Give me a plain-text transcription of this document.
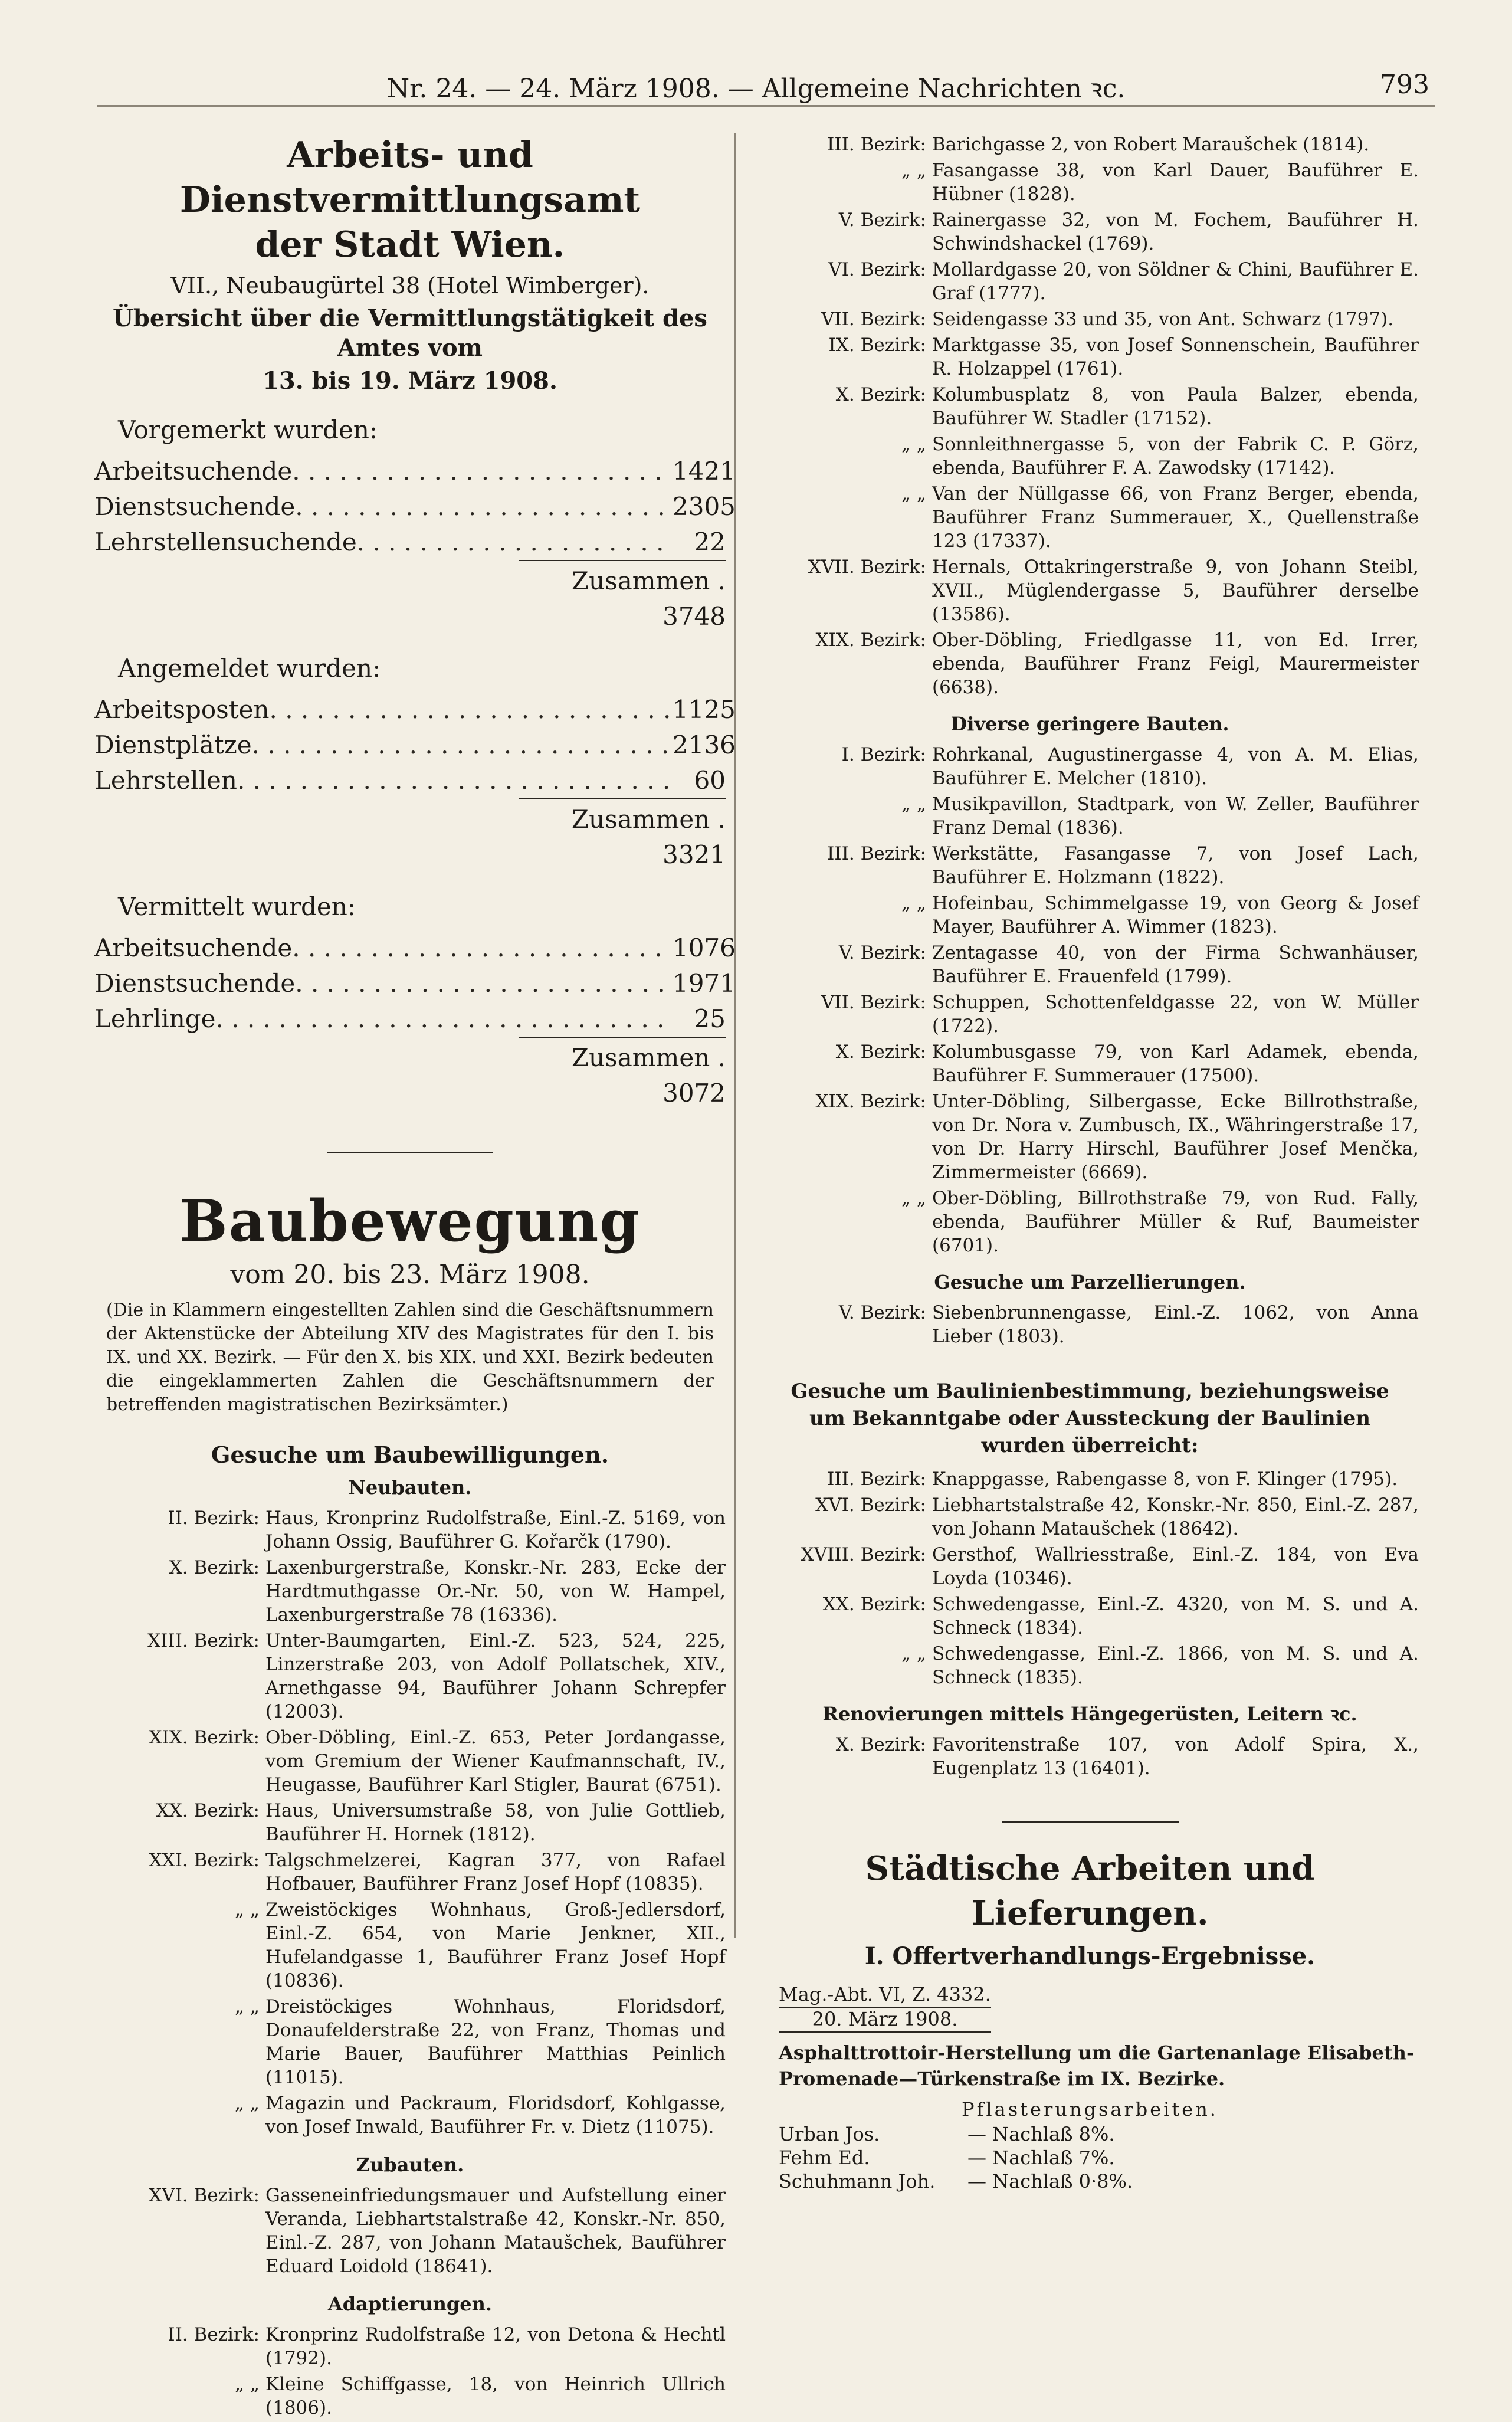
Nr. 24. — 24. März 1908. — Allgemeine Nachrichten ꝛc.	793
Arbeits- und Dienstvermittlungsamt
der Stadt Wien.
VII., Neubaugürtel 38 (Hotel Wimberger).
Übersicht über die Vermittlungstätigkeit des Amtes vom
13. bis 19. März 1908.
Vorgemerkt wurden:
Arbeitsuchende . . .	1421
Dienstsuchende . . .	2305
Lehrstellensuchende . . .	22
Zusammen . 3748
Angemeldet wurden:
Arbeitsposten . . .	1125
Dienstplätze . . .	2136
Lehrstellen . . .	60
Zusammen . 3321
Vermittelt wurden:
Arbeitsuchende . . .	1076
Dienstsuchende . . .	1971
Lehrlinge . . .	25
Zusammen . 3072
Baubewegung
vom 20. bis 23. März 1908.
(Die in Klammern eingestellten Zahlen sind die Geschäftsnummern der Aktenstücke der Abteilung XIV des Magistrates für den I. bis IX. und XX. Bezirk. — Für den X. bis XIX. und XXI. Bezirk bedeuten die eingeklammerten Zahlen die Geschäftsnummern der betreffenden magistratischen Bezirksämter.)
Gesuche um Baubewilligungen.
Neubauten.
II. Bezirk: Haus, Kronprinz Rudolfstraße, Einl.-Z. 5169, von Johann Ossig, Bauführer G. Kořarčk (1790).
X. Bezirk: Laxenburgerstraße, Konskr.-Nr. 283, Ecke der Hardtmuthgasse Or.-Nr. 50, von W. Hampel, Laxenburgerstraße 78 (16336).
XIII. Bezirk: Unter-Baumgarten, Einl.-Z. 523, 524, 225, Linzerstraße 203, von Adolf Pollatschek, XIV., Arnethgasse 94, Bauführer Johann Schrepfer (12003).
XIX. Bezirk: Ober-Döbling, Einl.-Z. 653, Peter Jordangasse, vom Gremium der Wiener Kaufmannschaft, IV., Heugasse, Bauführer Karl Stigler, Baurat (6751).
XX. Bezirk: Haus, Universumstraße 58, von Julie Gottlieb, Bauführer H. Hornek (1812).
XXI. Bezirk: Talgschmelzerei, Kagran 377, von Rafael Hofbauer, Bauführer Franz Josef Hopf (10835).
„ „ Zweistöckiges Wohnhaus, Groß-Jedlersdorf, Einl.-Z. 654, von Marie Jenkner, XII., Hufelandgasse 1, Bauführer Franz Josef Hopf (10836).
„ „ Dreistöckiges Wohnhaus, Floridsdorf, Donaufelderstraße 22, von Franz, Thomas und Marie Bauer, Bauführer Matthias Peinlich (11015).
„ „ Magazin und Packraum, Floridsdorf, Kohlgasse, von Josef Inwald, Bauführer Fr. v. Dietz (11075).
Zubauten.
XVI. Bezirk: Gasseneinfriedungsmauer und Aufstellung einer Veranda, Liebhartstalstraße 42, Konskr.-Nr. 850, Einl.-Z. 287, von Johann Mataušchek, Bauführer Eduard Loidold (18641).
Adaptierungen.
II. Bezirk: Kronprinz Rudolfstraße 12, von Detona & Hechtl (1792).
„ „ Kleine Schiffgasse, 18, von Heinrich Ullrich (1806).
III. Bezirk: Barichgasse 2, von Robert Maraušchek (1814).
„ „ Fasangasse 38, von Karl Dauer, Bauführer E. Hübner (1828).
V. Bezirk: Rainergasse 32, von M. Fochem, Bauführer H. Schwindshackel (1769).
VI. Bezirk: Mollardgasse 20, von Söldner & Chini, Bauführer E. Graf (1777).
VII. Bezirk: Seidengasse 33 und 35, von Ant. Schwarz (1797).
IX. Bezirk: Marktgasse 35, von Josef Sonnenschein, Bauführer R. Holzappel (1761).
X. Bezirk: Kolumbusplatz 8, von Paula Balzer, ebenda, Bauführer W. Stadler (17152).
„ „ Sonnleithnergasse 5, von der Fabrik C. P. Görz, ebenda, Bauführer F. A. Zawodsky (17142).
„ „ Van der Nüllgasse 66, von Franz Berger, ebenda, Bauführer Franz Summerauer, X., Quellenstraße 123 (17337).
XVII. Bezirk: Hernals, Ottakringerstraße 9, von Johann Steibl, XVII., Müglendergasse 5, Bauführer derselbe (13586).
XIX. Bezirk: Ober-Döbling, Friedlgasse 11, von Ed. Irrer, ebenda, Bauführer Franz Feigl, Maurermeister (6638).
Diverse geringere Bauten.
I. Bezirk: Rohrkanal, Augustinergasse 4, von A. M. Elias, Bauführer E. Melcher (1810).
„ „ Musikpavillon, Stadtpark, von W. Zeller, Bauführer Franz Demal (1836).
III. Bezirk: Werkstätte, Fasangasse 7, von Josef Lach, Bauführer E. Holzmann (1822).
„ „ Hofeinbau, Schimmelgasse 19, von Georg & Josef Mayer, Bauführer A. Wimmer (1823).
V. Bezirk: Zentagasse 40, von der Firma Schwanhäuser, Bauführer E. Frauenfeld (1799).
VII. Bezirk: Schuppen, Schottenfeldgasse 22, von W. Müller (1722).
X. Bezirk: Kolumbusgasse 79, von Karl Adamek, ebenda, Bauführer F. Summerauer (17500).
XIX. Bezirk: Unter-Döbling, Silbergasse, Ecke Billrothstraße, von Dr. Nora v. Zumbusch, IX., Währingerstraße 17, von Dr. Harry Hirschl, Bauführer Josef Menčka, Zimmermeister (6669).
„ „ Ober-Döbling, Billrothstraße 79, von Rud. Fally, ebenda, Bauführer Müller & Ruf, Baumeister (6701).
Gesuche um Parzellierungen.
V. Bezirk: Siebenbrunnengasse, Einl.-Z. 1062, von Anna Lieber (1803).
Gesuche um Baulinienbestimmung, beziehungsweise um Bekanntgabe oder Aussteckung der Baulinien wurden überreicht:
III. Bezirk: Knappgasse, Rabengasse 8, von F. Klinger (1795).
XVI. Bezirk: Liebhartstalstraße 42, Konskr.-Nr. 850, Einl.-Z. 287, von Johann Mataušchek (18642).
XVIII. Bezirk: Gersthof, Wallriesstraße, Einl.-Z. 184, von Eva Loyda (10346).
XX. Bezirk: Schwedengasse, Einl.-Z. 4320, von M. S. und A. Schneck (1834).
„ „ Schwedengasse, Einl.-Z. 1866, von M. S. und A. Schneck (1835).
Renovierungen mittels Hängegerüsten, Leitern ꝛc.
X. Bezirk: Favoritenstraße 107, von Adolf Spira, X., Eugenplatz 13 (16401).
Städtische Arbeiten und Lieferungen.
I. Offertverhandlungs-Ergebnisse.
Mag.-Abt. VI, Z. 4332.
20. März 1908.
Asphalttrottoir-Herstellung um die Gartenanlage Elisabeth-Promenade—Türkenstraße im IX. Bezirke.
Pflasterungsarbeiten.
Urban Jos.	— Nachlaß 8%.
Fehm Ed.	— Nachlaß 7%.
Schuhmann Joh.	— Nachlaß 0·8%.
